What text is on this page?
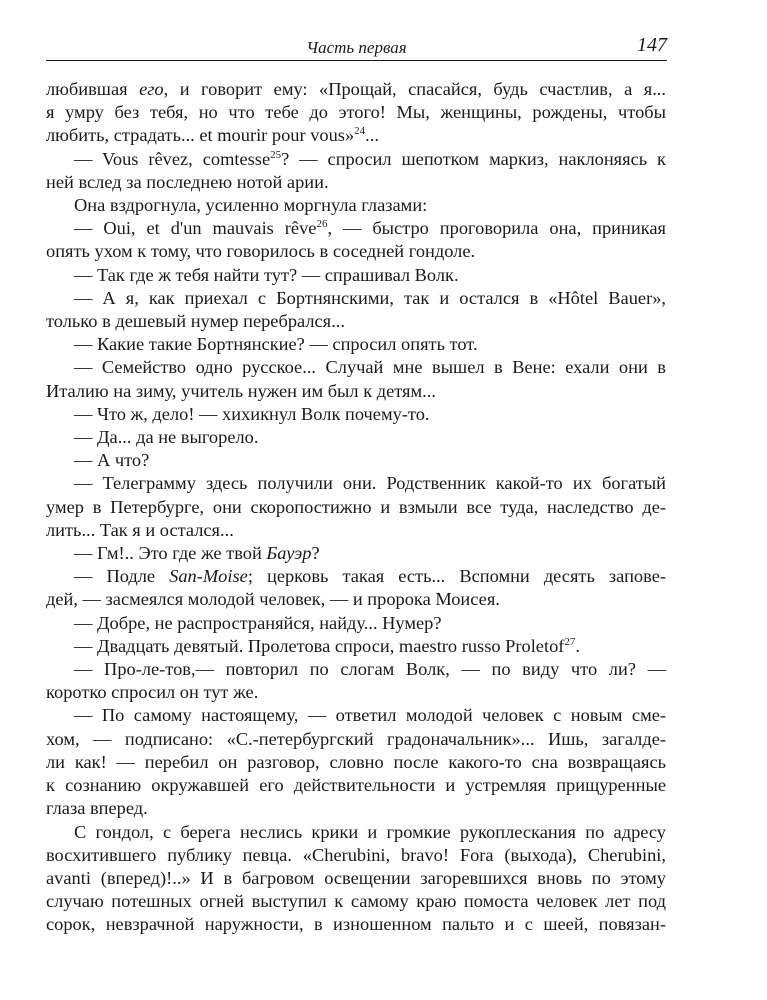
Часть первая	147
любившая его, и говорит ему: «Прощай, спасайся, будь счастлив, а я...
я умру без тебя, но что тебе до этого! Мы, женщины, рождены, чтобы
любить, страдать... et mourir pour vous»$^{24}$...
— Vous rêvez, comtesse$^{25}$? — спросил шепотком маркиз, наклоняясь к
ней вслед за последнею нотой арии.
Она вздрогнула, усиленно моргнула глазами:
— Oui, et d'un mauvais rêve$^{26}$, — быстро проговорила она, приникая
опять ухом к тому, что говорилось в соседней гондоле.
— Так где ж тебя найти тут? — спрашивал Волк.
— А я, как приехал с Бортнянскими, так и остался в «Hôtel Bauer»,
только в дешевый нумер перебрался...
— Какие такие Бортнянские? — спросил опять тот.
— Семейство одно русское... Случай мне вышел в Вене: ехали они в
Италию на зиму, учитель нужен им был к детям...
— Что ж, дело! — хихикнул Волк почему-то.
— Да... да не выгорело.
— А что?
— Телеграмму здесь получили они. Родственник какой-то их богатый
умер в Петербурге, они скоропостижно и взмыли все туда, наследство де-
лить... Так я и остался...
— Гм!.. Это где же твой Бауэр?
— Подле San-Moise; церковь такая есть... Вспомни десять запове-
дей, — засмеялся молодой человек, — и пророка Моисея.
— Добре, не распространяйся, найду... Нумер?
— Двадцать девятый. Пролетова спроси, maestro russo Proletof$^{27}$.
— Про-ле-тов,— повторил по слогам Волк, — по виду что ли? —
коротко спросил он тут же.
— По самому настоящему, — ответил молодой человек с новым сме-
хом, — подписано: «С.-петербургский градоначальник»... Ишь, загалде-
ли как! — перебил он разговор, словно после какого-то сна возвращаясь
к сознанию окружавшей его действительности и устремляя прищуренные
глаза вперед.
С гондол, с берега неслись крики и громкие рукоплескания по адресу
восхитившего публику певца. «Cherubini, bravo! Fora (выхода), Cherubini,
avanti (вперед)!..» И в багровом освещении загоревшихся вновь по этому
случаю потешных огней выступил к самому краю помоста человек лет под
сорок, невзрачной наружности, в изношенном пальто и с шеей, повязан-
